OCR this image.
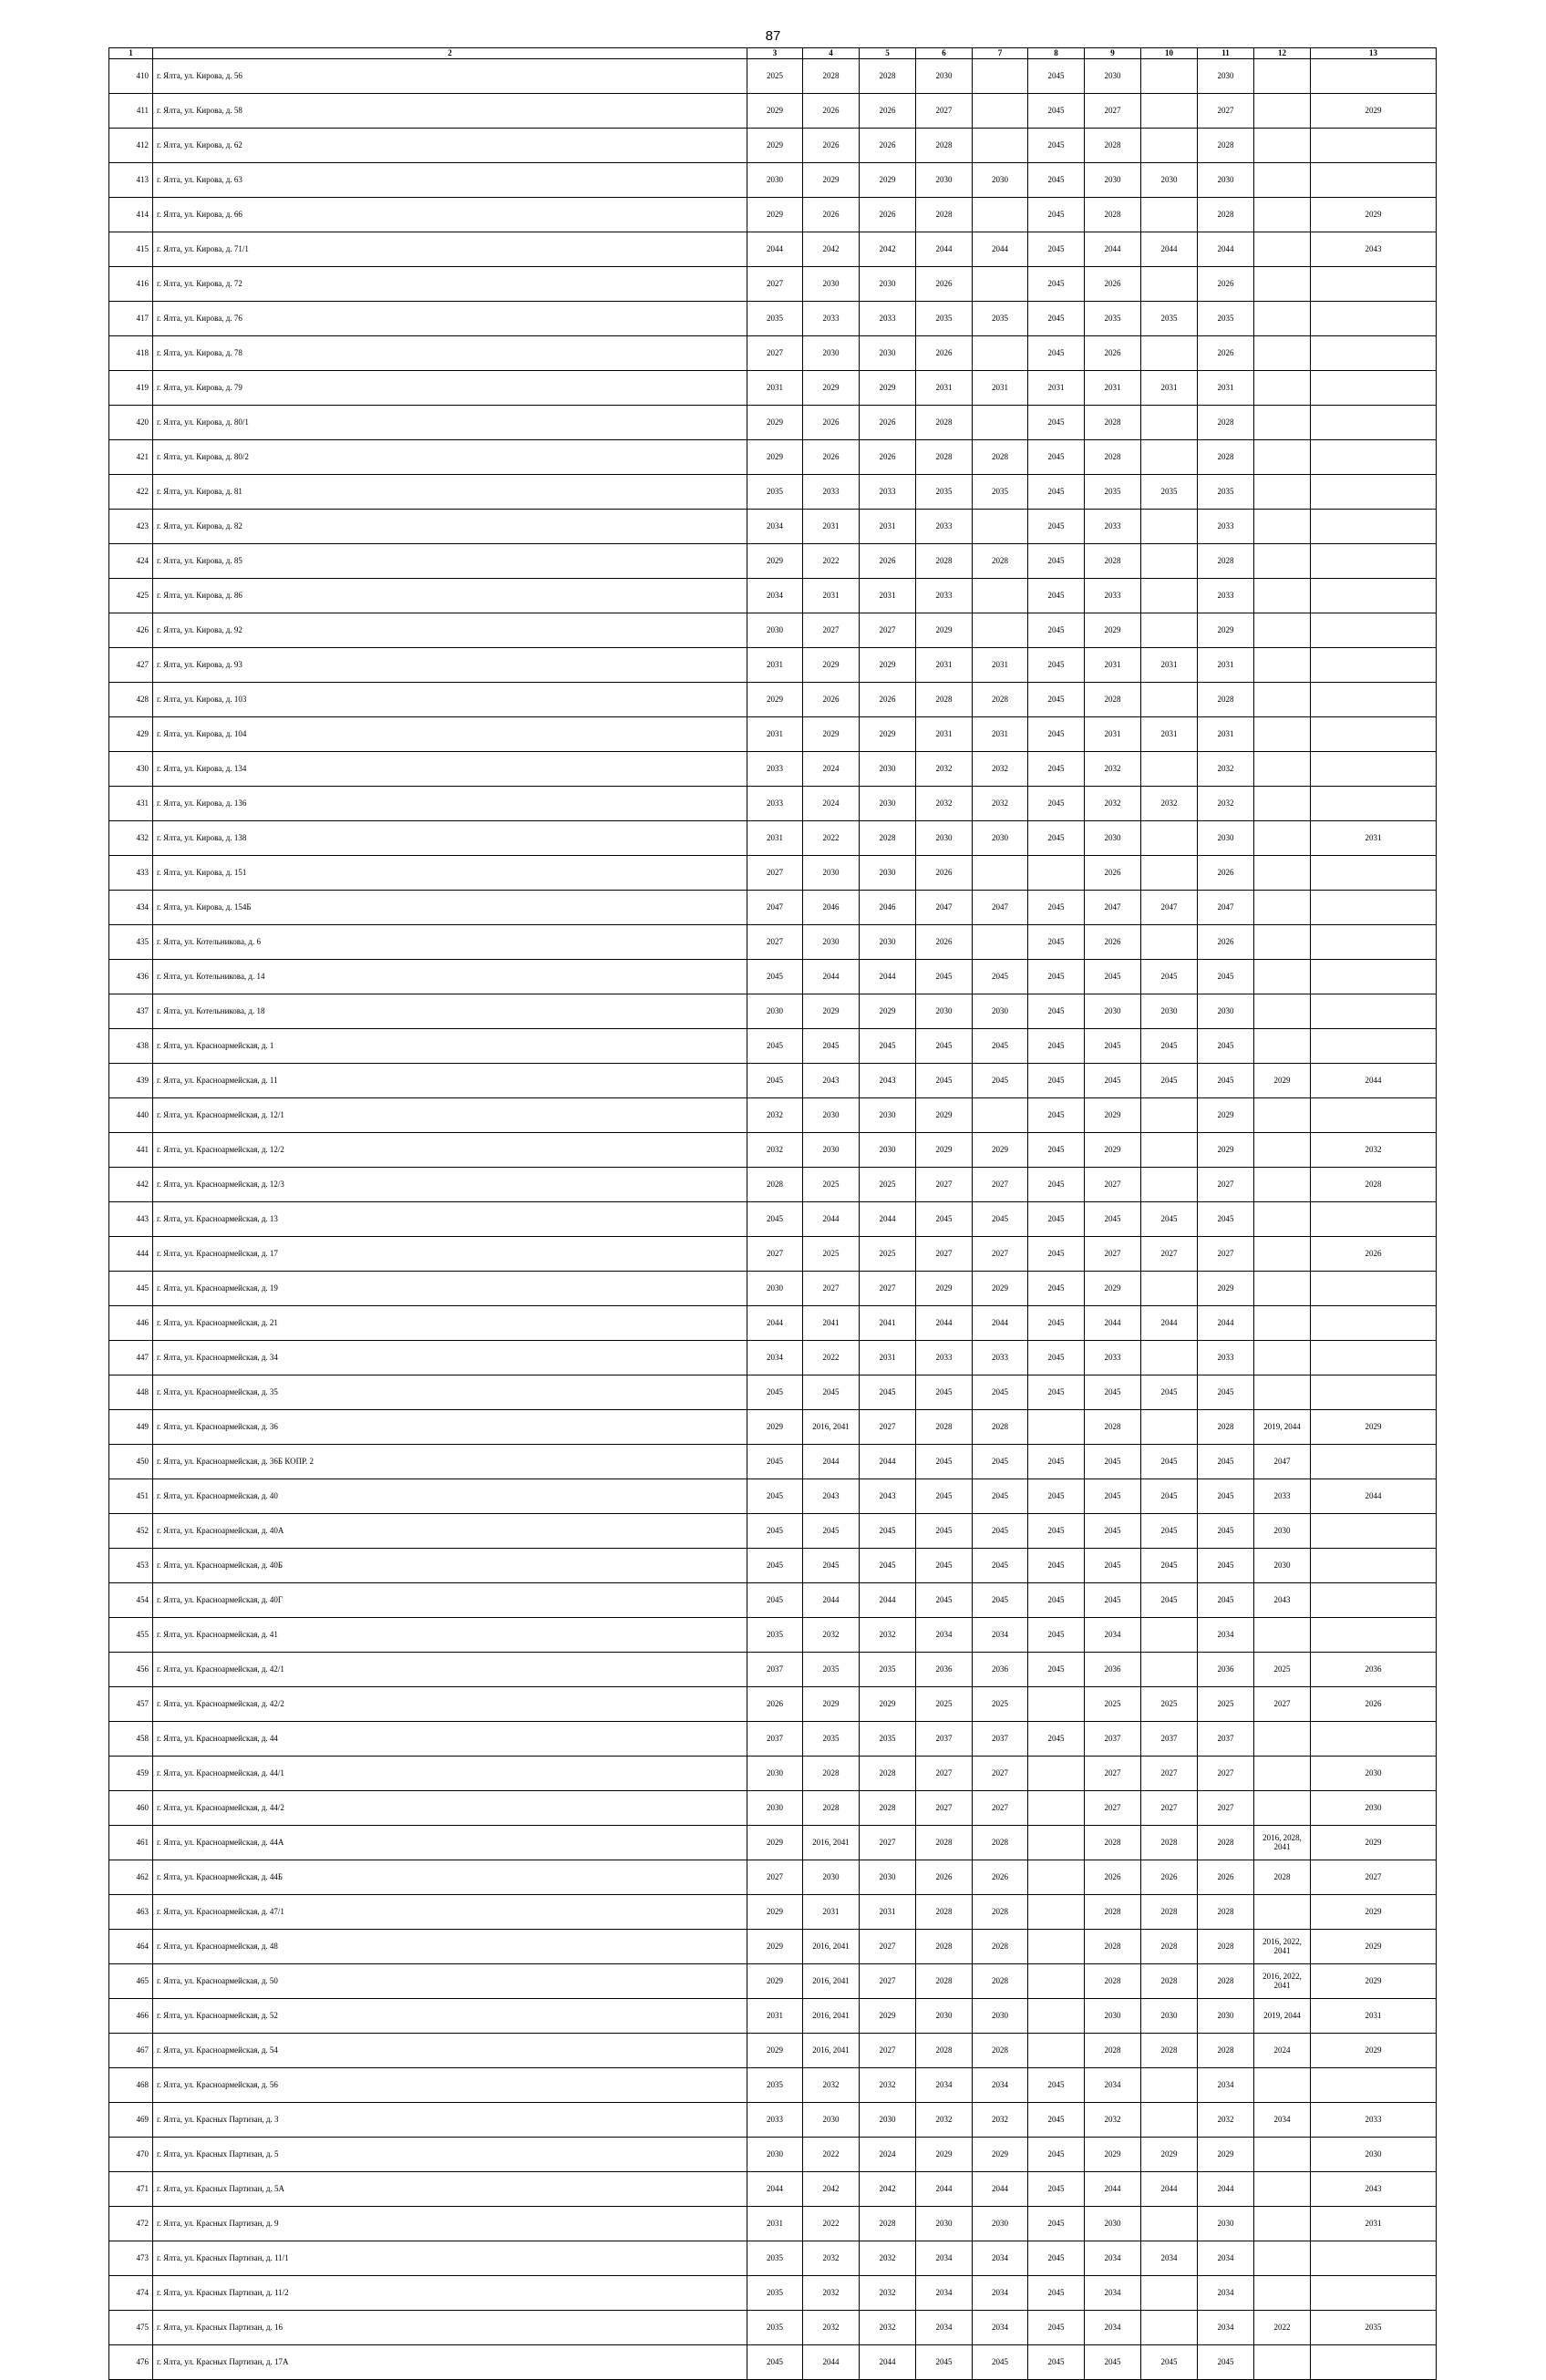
87
1	2	3	4	5	6	7	8	9	10	11	12	13
410	г. Ялта, ул. Кирова, д. 56	2025	2028	2028	2030		2045	2030		2030		
411	г. Ялта, ул. Кирова, д. 58	2029	2026	2026	2027		2045	2027		2027		2029
412	г. Ялта, ул. Кирова, д. 62	2029	2026	2026	2028		2045	2028		2028		
413	г. Ялта, ул. Кирова, д. 63	2030	2029	2029	2030	2030	2045	2030	2030	2030		
414	г. Ялта, ул. Кирова, д. 66	2029	2026	2026	2028		2045	2028		2028		2029
415	г. Ялта, ул. Кирова, д. 71/1	2044	2042	2042	2044	2044	2045	2044	2044	2044		2043
416	г. Ялта, ул. Кирова, д. 72	2027	2030	2030	2026		2045	2026		2026		
417	г. Ялта, ул. Кирова, д. 76	2035	2033	2033	2035	2035	2045	2035	2035	2035		
418	г. Ялта, ул. Кирова, д. 78	2027	2030	2030	2026		2045	2026		2026		
419	г. Ялта, ул. Кирова, д. 79	2031	2029	2029	2031	2031	2031	2031	2031	2031		
420	г. Ялта, ул. Кирова, д. 80/1	2029	2026	2026	2028		2045	2028		2028		
421	г. Ялта, ул. Кирова, д. 80/2	2029	2026	2026	2028	2028	2045	2028		2028		
422	г. Ялта, ул. Кирова, д. 81	2035	2033	2033	2035	2035	2045	2035	2035	2035		
423	г. Ялта, ул. Кирова, д. 82	2034	2031	2031	2033		2045	2033		2033		
424	г. Ялта, ул. Кирова, д. 85	2029	2022	2026	2028	2028	2045	2028		2028		
425	г. Ялта, ул. Кирова, д. 86	2034	2031	2031	2033		2045	2033		2033		
426	г. Ялта, ул. Кирова, д. 92	2030	2027	2027	2029		2045	2029		2029		
427	г. Ялта, ул. Кирова, д. 93	2031	2029	2029	2031	2031	2045	2031	2031	2031		
428	г. Ялта, ул. Кирова, д. 103	2029	2026	2026	2028	2028	2045	2028		2028		
429	г. Ялта, ул. Кирова, д. 104	2031	2029	2029	2031	2031	2045	2031	2031	2031		
430	г. Ялта, ул. Кирова, д. 134	2033	2024	2030	2032	2032	2045	2032		2032		
431	г. Ялта, ул. Кирова, д. 136	2033	2024	2030	2032	2032	2045	2032	2032	2032		
432	г. Ялта, ул. Кирова, д. 138	2031	2022	2028	2030	2030	2045	2030		2030		2031
433	г. Ялта, ул. Кирова, д. 151	2027	2030	2030	2026			2026		2026		
434	г. Ялта, ул. Кирова, д. 154Б	2047	2046	2046	2047	2047	2045	2047	2047	2047		
435	г. Ялта, ул. Котельникова, д. 6	2027	2030	2030	2026		2045	2026		2026		
436	г. Ялта, ул. Котельникова, д. 14	2045	2044	2044	2045	2045	2045	2045	2045	2045		
437	г. Ялта, ул. Котельникова, д. 18	2030	2029	2029	2030	2030	2045	2030	2030	2030		
438	г. Ялта, ул. Красноармейская, д. 1	2045	2045	2045	2045	2045	2045	2045	2045	2045		
439	г. Ялта, ул. Красноармейская, д. 11	2045	2043	2043	2045	2045	2045	2045	2045	2045	2029	2044
440	г. Ялта, ул. Красноармейская, д. 12/1	2032	2030	2030	2029		2045	2029		2029		
441	г. Ялта, ул. Красноармейская, д. 12/2	2032	2030	2030	2029	2029	2045	2029		2029		2032
442	г. Ялта, ул. Красноармейская, д. 12/3	2028	2025	2025	2027	2027	2045	2027		2027		2028
443	г. Ялта, ул. Красноармейская, д. 13	2045	2044	2044	2045	2045	2045	2045	2045	2045		
444	г. Ялта, ул. Красноармейская, д. 17	2027	2025	2025	2027	2027	2045	2027	2027	2027		2026
445	г. Ялта, ул. Красноармейская, д. 19	2030	2027	2027	2029	2029	2045	2029		2029		
446	г. Ялта, ул. Красноармейская, д. 21	2044	2041	2041	2044	2044	2045	2044	2044	2044		
447	г. Ялта, ул. Красноармейская, д. 34	2034	2022	2031	2033	2033	2045	2033		2033		
448	г. Ялта, ул. Красноармейская, д. 35	2045	2045	2045	2045	2045	2045	2045	2045	2045		
449	г. Ялта, ул. Красноармейская, д. 36	2029	2016, 2041	2027	2028	2028		2028		2028	2019, 2044	2029
450	г. Ялта, ул. Красноармейская, д. 36Б КОПР. 2	2045	2044	2044	2045	2045	2045	2045	2045	2045	2047	
451	г. Ялта, ул. Красноармейская, д. 40	2045	2043	2043	2045	2045	2045	2045	2045	2045	2033	2044
452	г. Ялта, ул. Красноармейская, д. 40А	2045	2045	2045	2045	2045	2045	2045	2045	2045	2030	
453	г. Ялта, ул. Красноармейская, д. 40Б	2045	2045	2045	2045	2045	2045	2045	2045	2045	2030	
454	г. Ялта, ул. Красноармейская, д. 40Г	2045	2044	2044	2045	2045	2045	2045	2045	2045	2043	
455	г. Ялта, ул. Красноармейская, д. 41	2035	2032	2032	2034	2034	2045	2034		2034		
456	г. Ялта, ул. Красноармейская, д. 42/1	2037	2035	2035	2036	2036	2045	2036		2036	2025	2036
457	г. Ялта, ул. Красноармейская, д. 42/2	2026	2029	2029	2025	2025		2025	2025	2025	2027	2026
458	г. Ялта, ул. Красноармейская, д. 44	2037	2035	2035	2037	2037	2045	2037	2037	2037		
459	г. Ялта, ул. Красноармейская, д. 44/1	2030	2028	2028	2027	2027		2027	2027	2027		2030
460	г. Ялта, ул. Красноармейская, д. 44/2	2030	2028	2028	2027	2027		2027	2027	2027		2030
461	г. Ялта, ул. Красноармейская, д. 44А	2029	2016, 2041	2027	2028	2028		2028	2028	2028	2016, 2028, 2041	2029
462	г. Ялта, ул. Красноармейская, д. 44Б	2027	2030	2030	2026	2026		2026	2026	2026	2028	2027
463	г. Ялта, ул. Красноармейская, д. 47/1	2029	2031	2031	2028	2028		2028	2028	2028		2029
464	г. Ялта, ул. Красноармейская, д. 48	2029	2016, 2041	2027	2028	2028		2028	2028	2028	2016, 2022, 2041	2029
465	г. Ялта, ул. Красноармейская, д. 50	2029	2016, 2041	2027	2028	2028		2028	2028	2028	2016, 2022, 2041	2029
466	г. Ялта, ул. Красноармейская, д. 52	2031	2016, 2041	2029	2030	2030		2030	2030	2030	2019, 2044	2031
467	г. Ялта, ул. Красноармейская, д. 54	2029	2016, 2041	2027	2028	2028		2028	2028	2028	2024	2029
468	г. Ялта, ул. Красноармейская, д. 56	2035	2032	2032	2034	2034	2045	2034		2034		
469	г. Ялта, ул. Красных Партизан, д. 3	2033	2030	2030	2032	2032	2045	2032		2032	2034	2033
470	г. Ялта, ул. Красных Партизан, д. 5	2030	2022	2024	2029	2029	2045	2029	2029	2029		2030
471	г. Ялта, ул. Красных Партизан, д. 5А	2044	2042	2042	2044	2044	2045	2044	2044	2044		2043
472	г. Ялта, ул. Красных Партизан, д. 9	2031	2022	2028	2030	2030	2045	2030		2030		2031
473	г. Ялта, ул. Красных Партизан, д. 11/1	2035	2032	2032	2034	2034	2045	2034	2034	2034		
474	г. Ялта, ул. Красных Партизан, д. 11/2	2035	2032	2032	2034	2034	2045	2034		2034		
475	г. Ялта, ул. Красных Партизан, д. 16	2035	2032	2032	2034	2034	2045	2034		2034	2022	2035
476	г. Ялта, ул. Красных Партизан, д. 17А	2045	2044	2044	2045	2045	2045	2045	2045	2045		
